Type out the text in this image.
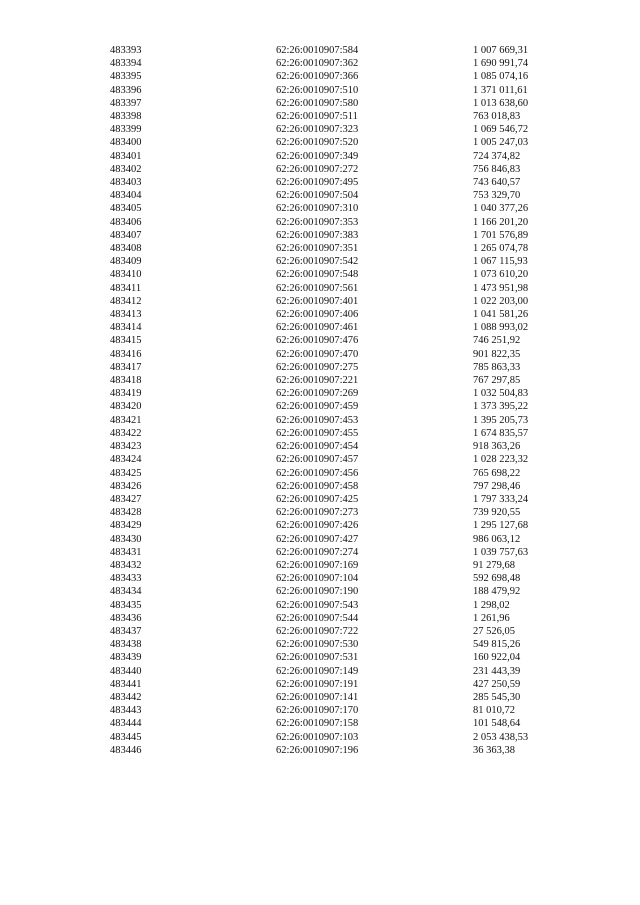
483393	62:26:0010907:584	1 007 669,31
483394	62:26:0010907:362	1 690 991,74
483395	62:26:0010907:366	1 085 074,16
483396	62:26:0010907:510	1 371 011,61
483397	62:26:0010907:580	1 013 638,60
483398	62:26:0010907:511	763 018,83
483399	62:26:0010907:323	1 069 546,72
483400	62:26:0010907:520	1 005 247,03
483401	62:26:0010907:349	724 374,82
483402	62:26:0010907:272	756 846,83
483403	62:26:0010907:495	743 640,57
483404	62:26:0010907:504	753 329,70
483405	62:26:0010907:310	1 040 377,26
483406	62:26:0010907:353	1 166 201,20
483407	62:26:0010907:383	1 701 576,89
483408	62:26:0010907:351	1 265 074,78
483409	62:26:0010907:542	1 067 115,93
483410	62:26:0010907:548	1 073 610,20
483411	62:26:0010907:561	1 473 951,98
483412	62:26:0010907:401	1 022 203,00
483413	62:26:0010907:406	1 041 581,26
483414	62:26:0010907:461	1 088 993,02
483415	62:26:0010907:476	746 251,92
483416	62:26:0010907:470	901 822,35
483417	62:26:0010907:275	785 863,33
483418	62:26:0010907:221	767 297,85
483419	62:26:0010907:269	1 032 504,83
483420	62:26:0010907:459	1 373 395,22
483421	62:26:0010907:453	1 395 205,73
483422	62:26:0010907:455	1 674 835,57
483423	62:26:0010907:454	918 363,26
483424	62:26:0010907:457	1 028 223,32
483425	62:26:0010907:456	765 698,22
483426	62:26:0010907:458	797 298,46
483427	62:26:0010907:425	1 797 333,24
483428	62:26:0010907:273	739 920,55
483429	62:26:0010907:426	1 295 127,68
483430	62:26:0010907:427	986 063,12
483431	62:26:0010907:274	1 039 757,63
483432	62:26:0010907:169	91 279,68
483433	62:26:0010907:104	592 698,48
483434	62:26:0010907:190	188 479,92
483435	62:26:0010907:543	1 298,02
483436	62:26:0010907:544	1 261,96
483437	62:26:0010907:722	27 526,05
483438	62:26:0010907:530	549 815,26
483439	62:26:0010907:531	160 922,04
483440	62:26:0010907:149	231 443,39
483441	62:26:0010907:191	427 250,59
483442	62:26:0010907:141	285 545,30
483443	62:26:0010907:170	81 010,72
483444	62:26:0010907:158	101 548,64
483445	62:26:0010907:103	2 053 438,53
483446	62:26:0010907:196	36 363,38
